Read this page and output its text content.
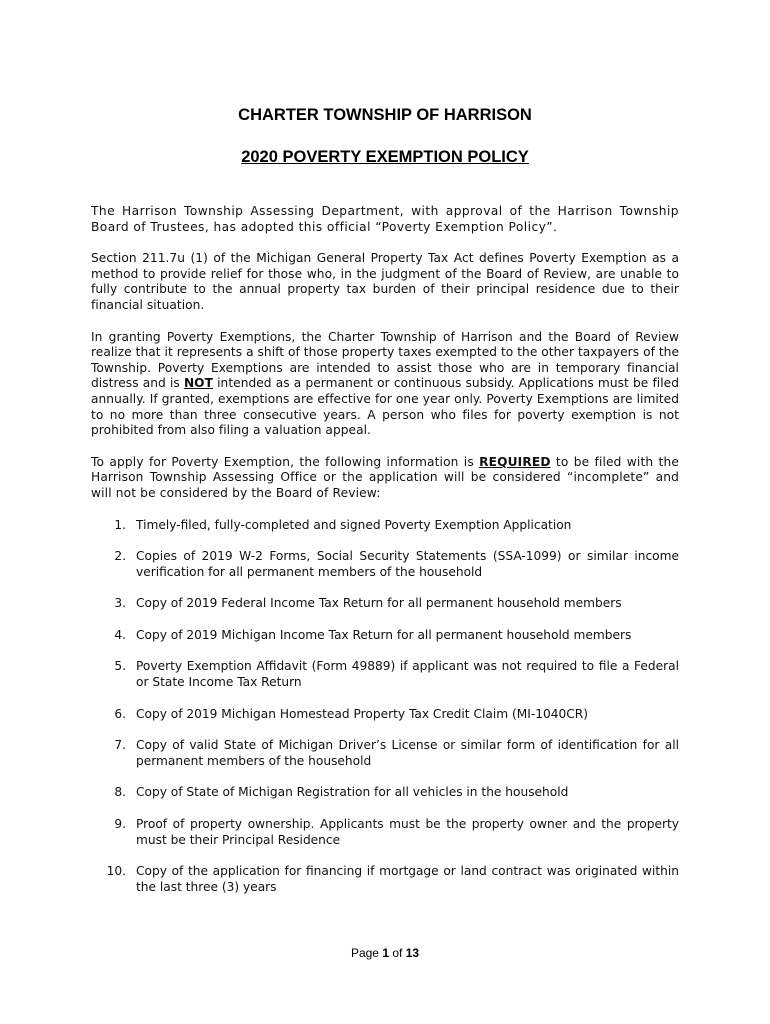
CHARTER TOWNSHIP OF HARRISON
2020 POVERTY EXEMPTION POLICY

The Harrison Township Assessing Department, with approval of the Harrison Township Board of Trustees, has adopted this official “Poverty Exemption Policy”.

Section 211.7u (1) of the Michigan General Property Tax Act defines Poverty Exemption as a method to provide relief for those who, in the judgment of the Board of Review, are unable to fully contribute to the annual property tax burden of their principal residence due to their financial situation.

In granting Poverty Exemptions, the Charter Township of Harrison and the Board of Review realize that it represents a shift of those property taxes exempted to the other taxpayers of the Township. Poverty Exemptions are intended to assist those who are in temporary financial distress and is NOT intended as a permanent or continuous subsidy. Applications must be filed annually. If granted, exemptions are effective for one year only. Poverty Exemptions are limited to no more than three consecutive years. A person who files for poverty exemption is not prohibited from also filing a valuation appeal.

To apply for Poverty Exemption, the following information is REQUIRED to be filed with the Harrison Township Assessing Office or the application will be considered “incomplete” and will not be considered by the Board of Review:

1. Timely-filed, fully-completed and signed Poverty Exemption Application
2. Copies of 2019 W-2 Forms, Social Security Statements (SSA-1099) or similar income verification for all permanent members of the household
3. Copy of 2019 Federal Income Tax Return for all permanent household members
4. Copy of 2019 Michigan Income Tax Return for all permanent household members
5. Poverty Exemption Affidavit (Form 49889) if applicant was not required to file a Federal or State Income Tax Return
6. Copy of 2019 Michigan Homestead Property Tax Credit Claim (MI-1040CR)
7. Copy of valid State of Michigan Driver’s License or similar form of identification for all permanent members of the household
8. Copy of State of Michigan Registration for all vehicles in the household
9. Proof of property ownership. Applicants must be the property owner and the property must be their Principal Residence
10. Copy of the application for financing if mortgage or land contract was originated within the last three (3) years
Page 1 of 13
